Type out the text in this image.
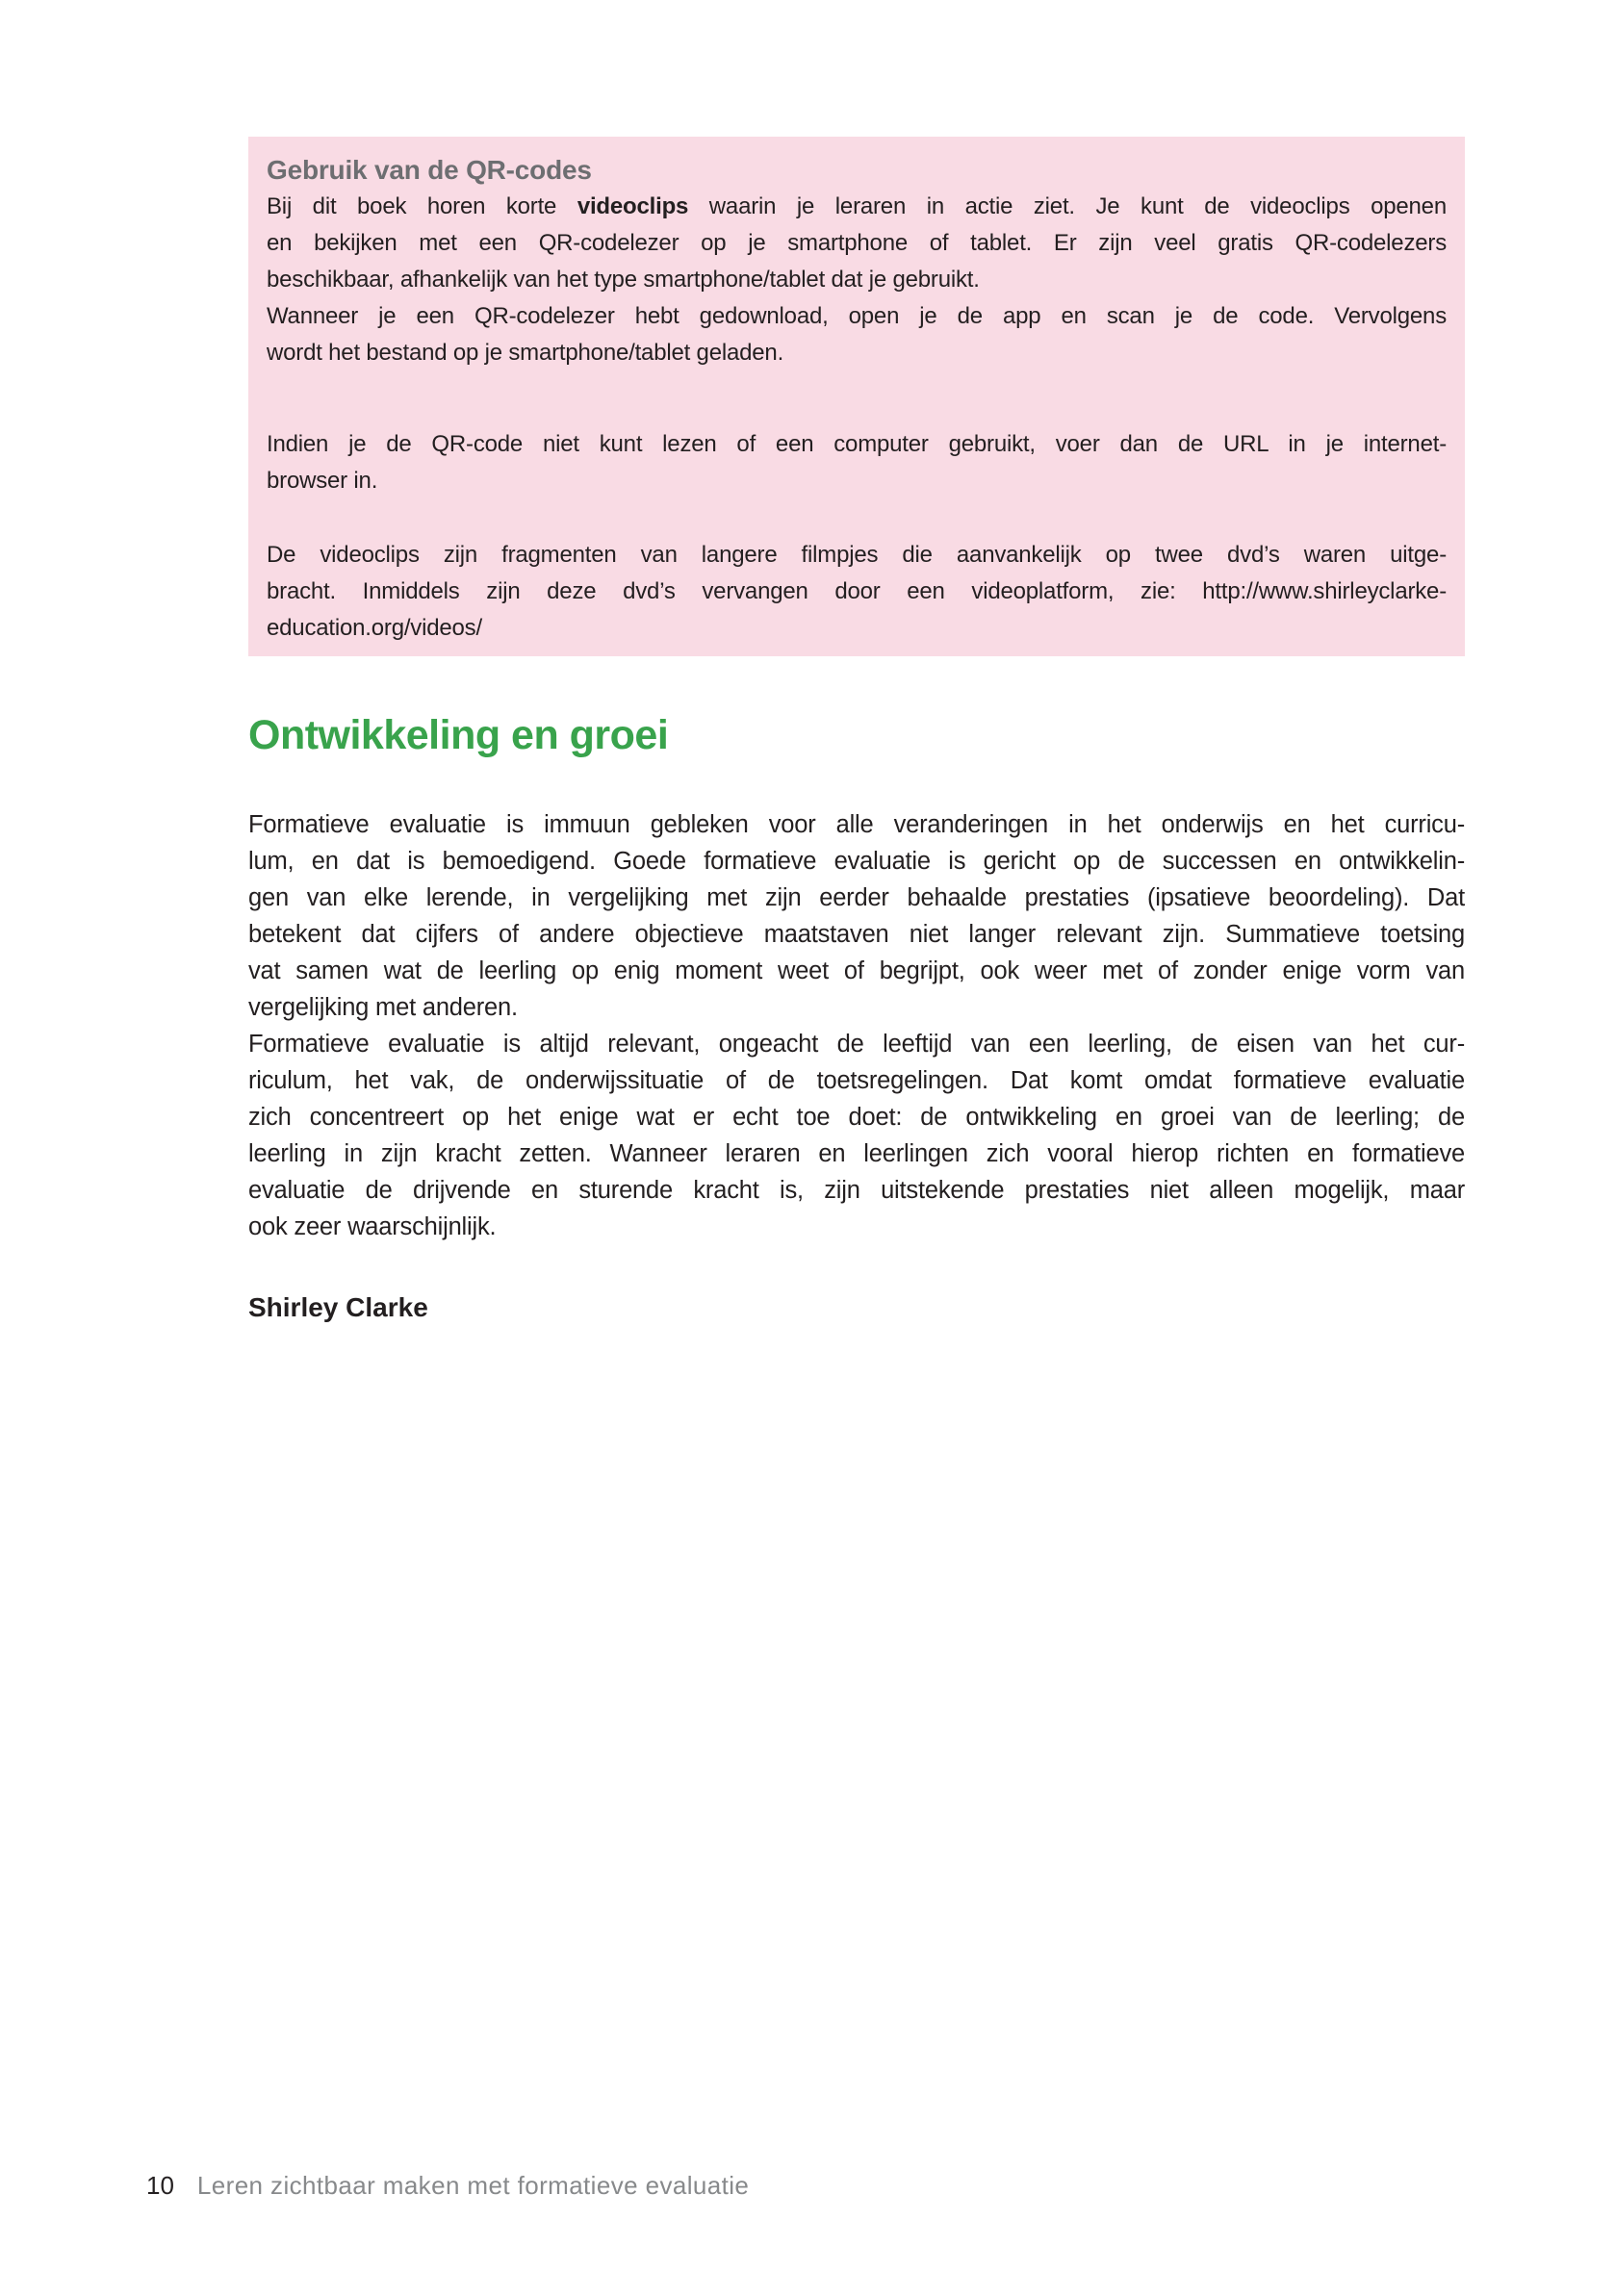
Gebruik van de QR-codes
Bij dit boek horen korte videoclips waarin je leraren in actie ziet. Je kunt de videoclips openen
en bekijken met een QR-codelezer op je smartphone of tablet. Er zijn veel gratis QR-codelezers
beschikbaar, afhankelijk van het type smartphone/tablet dat je gebruikt.
Wanneer je een QR-codelezer hebt gedownload, open je de app en scan je de code. Vervolgens
wordt het bestand op je smartphone/tablet geladen.
Indien je de QR-code niet kunt lezen of een computer gebruikt, voer dan de URL in je internet-
browser in.
De videoclips zijn fragmenten van langere filmpjes die aanvankelijk op twee dvd’s waren uitge-
bracht. Inmiddels zijn deze dvd’s vervangen door een videoplatform, zie: http://www.shirleyclarke-
education.org/videos/
Ontwikkeling en groei
Formatieve evaluatie is immuun gebleken voor alle veranderingen in het onderwijs en het curricu-
lum, en dat is bemoedigend. Goede formatieve evaluatie is gericht op de successen en ontwikkelin-
gen van elke lerende, in vergelijking met zijn eerder behaalde prestaties (ipsatieve beoordeling). Dat
betekent dat cijfers of andere objectieve maatstaven niet langer relevant zijn. Summatieve toetsing
vat samen wat de leerling op enig moment weet of begrijpt, ook weer met of zonder enige vorm van
vergelijking met anderen.
Formatieve evaluatie is altijd relevant, ongeacht de leeftijd van een leerling, de eisen van het cur-
riculum, het vak, de onderwijssituatie of de toetsregelingen. Dat komt omdat formatieve evaluatie
zich concentreert op het enige wat er echt toe doet: de ontwikkeling en groei van de leerling; de
leerling in zijn kracht zetten. Wanneer leraren en leerlingen zich vooral hierop richten en formatieve
evaluatie de drijvende en sturende kracht is, zijn uitstekende prestaties niet alleen mogelijk, maar
ook zeer waarschijnlijk.
Shirley Clarke
10 Leren zichtbaar maken met formatieve evaluatie
